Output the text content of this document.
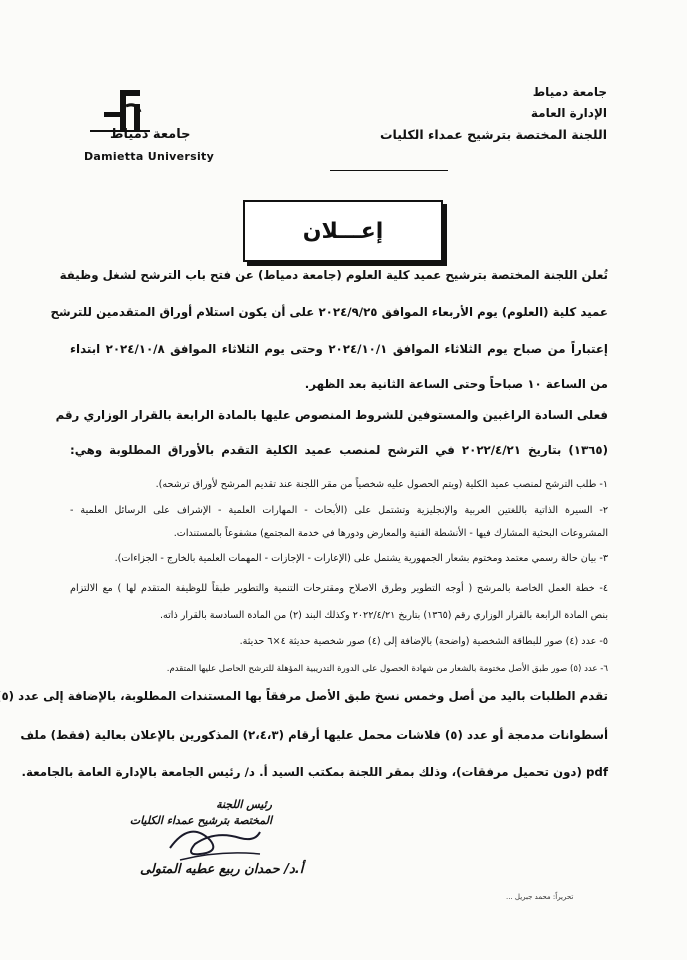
جامعة دمياط
Damietta University
جامعة دمياط
الإدارة العامة
اللجنة المختصة بترشيح عمداء الكليات
إعـــلان
تُعلن اللجنة المختصة بترشيح عميد كلية العلوم (جامعة دمياط) عن فتح باب الترشح لشغل وظيفة
عميد كلية (العلوم) يوم الأربعاء الموافق ٢٠٢٤/٩/٢٥ على أن يكون استلام أوراق المتقدمين للترشح
إعتباراً من صباح يوم الثلاثاء الموافق ٢٠٢٤/١٠/١ وحتى يوم الثلاثاء الموافق ٢٠٢٤/١٠/٨ ابتداء
من الساعة ١٠ صباحاً وحتى الساعة الثانية بعد الظهر.
فعلى السادة الراغبين والمستوفين للشروط المنصوص عليها بالمادة الرابعة بالقرار الوزاري رقم
(١٣٦٥) بتاريخ ٢٠٢٢/٤/٢١ في الترشح لمنصب عميد الكلية التقدم بالأوراق المطلوبة وهي:
١- طلب الترشح لمنصب عميد الكلية (ويتم الحصول عليه شخصياً من مقر اللجنة عند تقديم المرشح لأوراق ترشحه).
٢- السيرة الذاتية باللغتين العربية والإنجليزية وتشتمل على (الأبحاث - المهارات العلمية - الإشراف على الرسائل العلمية -
المشروعات البحثية المشارك فيها - الأنشطة الفنية والمعارض ودورها في خدمة المجتمع) مشفوعاً بالمستندات.
٣- بيان حالة رسمي معتمد ومختوم بشعار الجمهورية يشتمل على (الإعارات - الإجازات - المهمات العلمية بالخارج - الجزاءات).
٤- خطة العمل الخاصة بالمرشح ( أوجه التطوير وطرق الاصلاح ومقترحات التنمية والتطوير طبقاً للوظيفة المتقدم لها ) مع الالتزام
بنص المادة الرابعة بالقرار الوزاري رقم (١٣٦٥) بتاريخ ٢٠٢٢/٤/٢١ وكذلك البند (٢) من المادة السادسة بالقرار ذاته.
٥- عدد (٤) صور للبطاقة الشخصية (واضحة) بالإضافة إلى (٤) صور شخصية حديثة ٤×٦ حديثة.
٦- عدد (٥) صور طبق الأصل مختومة بالشعار من شهادة الحصول على الدورة التدريبية المؤهلة للترشح الحاصل عليها المتقدم.
تقدم الطلبات باليد من أصل وخمس نسخ طبق الأصل مرفقاً بها المستندات المطلوبة، بالإضافة إلى عدد (٥
أسطوانات مدمجة أو عدد (٥) فلاشات محمل عليها أرقام (٢،٤،٣) المذكورين بالإعلان بعالية (فقط) ملف
pdf (دون تحميل مرفقات)، وذلك بمقر اللجنة بمكتب السيد أ. د/ رئيس الجامعة بالإدارة العامة بالجامعة.
رئيس اللجنة
المختصة بترشيح عمداء الكليات
أ.د/ حمدان ربيع عطيه المتولى
تحريراً: محمد جبريل ...
